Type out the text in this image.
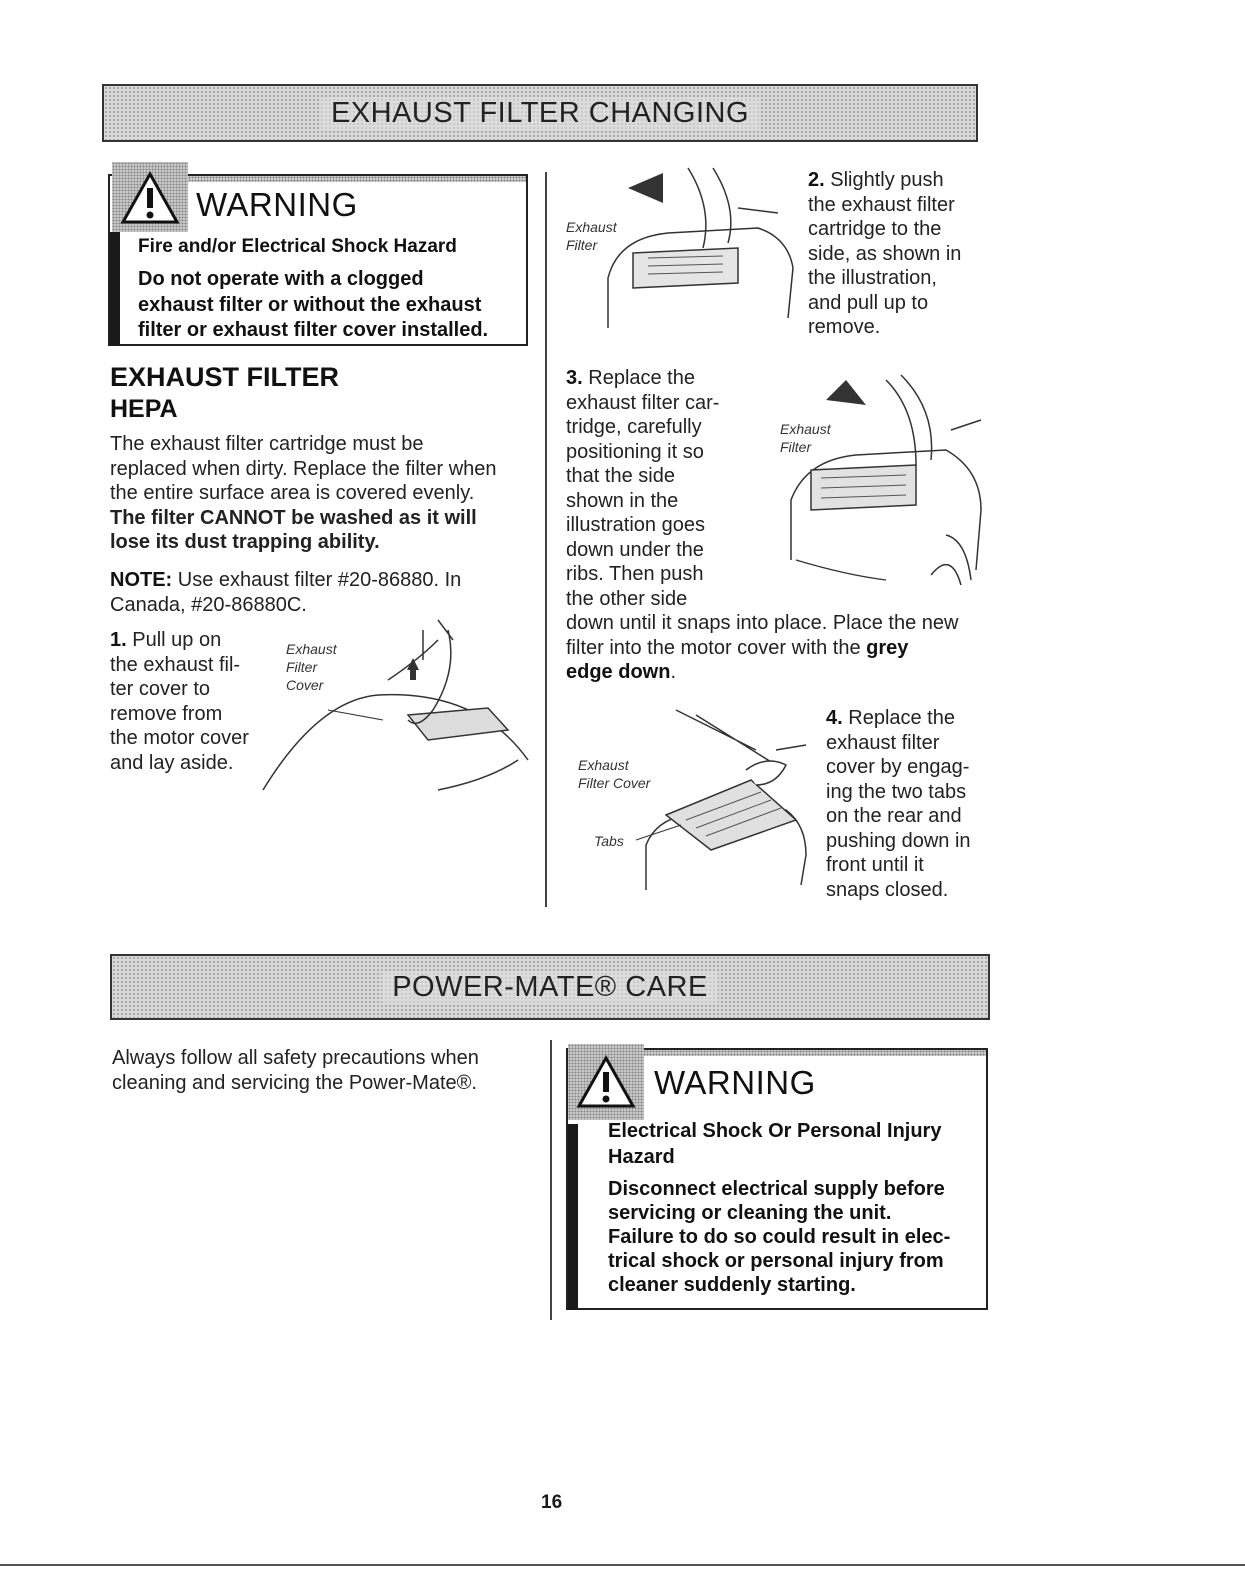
EXHAUST FILTER CHANGING
WARNING
Fire and/or Electrical Shock Hazard
Do not operate with a clogged
exhaust filter or without the exhaust
filter or exhaust filter cover installed.
EXHAUST FILTER
HEPA
The exhaust filter cartridge must be
replaced when dirty. Replace the filter when
the entire surface area is covered evenly.
The filter CANNOT be washed as it will
lose its dust trapping ability.
NOTE: Use exhaust filter #20-86880. In
Canada, #20-86880C.
1. Pull up on
the exhaust fil-
ter cover to
remove from
the motor cover
and lay aside.
Exhaust
Filter
Cover
Exhaust
Filter
2. Slightly push
the exhaust filter
cartridge to the
side, as shown in
the illustration,
and pull up to
remove.
3. Replace the
exhaust filter car-
tridge, carefully
positioning it so
that the side
shown in the
illustration goes
down under the
ribs. Then push
the other side
down until it snaps into place. Place the new
filter into the motor cover with the grey
edge down.
Exhaust
Filter
Exhaust
Filter Cover
Tabs
4. Replace the
exhaust filter
cover by engag-
ing the two tabs
on the rear and
pushing down in
front until it
snaps closed.
POWER-MATE® CARE
Always follow all safety precautions when
cleaning and servicing the Power-Mate®.	WARNING
Electrical Shock Or Personal Injury
Hazard
Disconnect electrical supply before
servicing or cleaning the unit.
Failure to do so could result in elec-
trical shock or personal injury from
cleaner suddenly starting.
16
